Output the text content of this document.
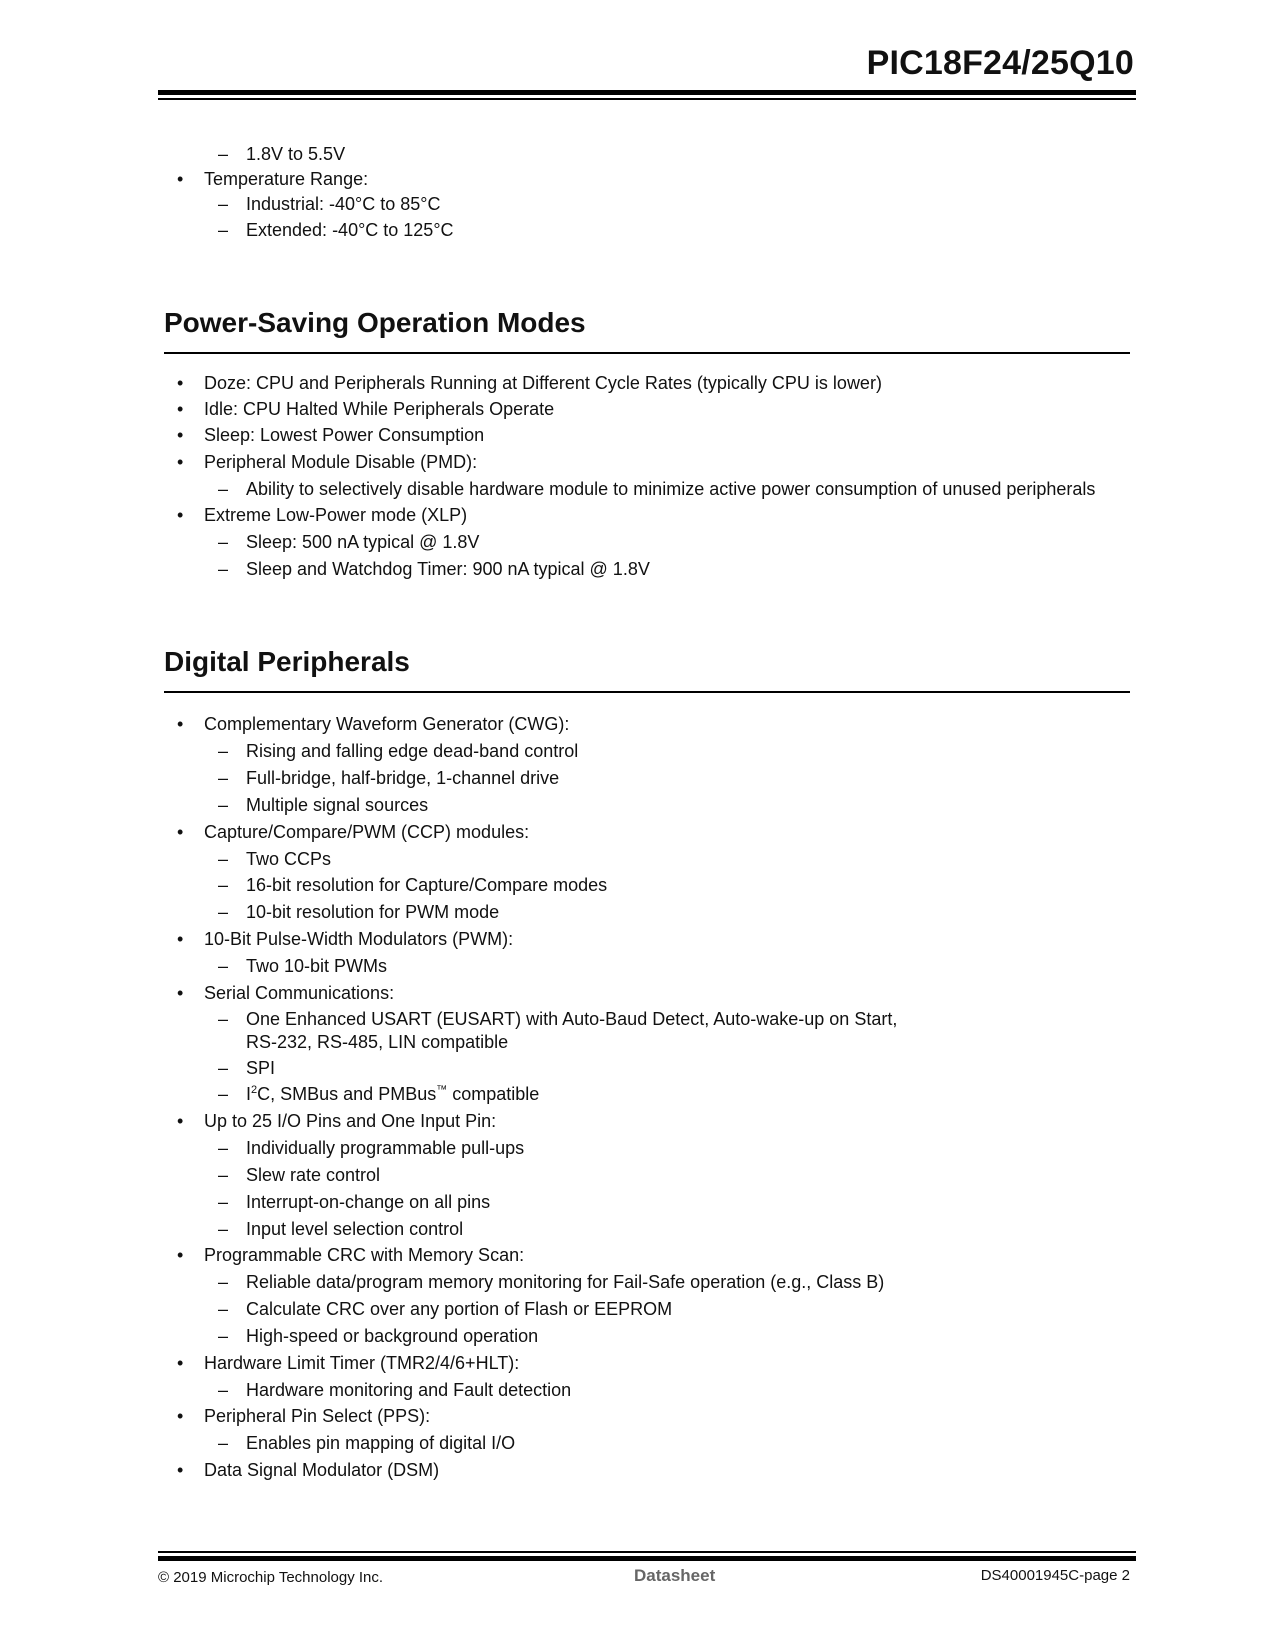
PIC18F24/25Q10
– 1.8V to 5.5V
• Temperature Range:
– Industrial: -40°C to 85°C
– Extended: -40°C to 125°C
Power-Saving Operation Modes
• Doze: CPU and Peripherals Running at Different Cycle Rates (typically CPU is lower)
• Idle: CPU Halted While Peripherals Operate
• Sleep: Lowest Power Consumption
• Peripheral Module Disable (PMD):
– Ability to selectively disable hardware module to minimize active power consumption of unused peripherals
• Extreme Low-Power mode (XLP)
– Sleep: 500 nA typical @ 1.8V
– Sleep and Watchdog Timer: 900 nA typical @ 1.8V
Digital Peripherals
• Complementary Waveform Generator (CWG):
– Rising and falling edge dead-band control
– Full-bridge, half-bridge, 1-channel drive
– Multiple signal sources
• Capture/Compare/PWM (CCP) modules:
– Two CCPs
– 16-bit resolution for Capture/Compare modes
– 10-bit resolution for PWM mode
• 10-Bit Pulse-Width Modulators (PWM):
– Two 10-bit PWMs
• Serial Communications:
– One Enhanced USART (EUSART) with Auto-Baud Detect, Auto-wake-up on Start,
RS-232, RS-485, LIN compatible
– SPI
– $I^2C$, SMBus and PMBus™ compatible
• Up to 25 I/O Pins and One Input Pin:
– Individually programmable pull-ups
– Slew rate control
– Interrupt-on-change on all pins
– Input level selection control
• Programmable CRC with Memory Scan:
– Reliable data/program memory monitoring for Fail-Safe operation (e.g., Class B)
– Calculate CRC over any portion of Flash or EEPROM
– High-speed or background operation
• Hardware Limit Timer (TMR2/4/6+HLT):
– Hardware monitoring and Fault detection
• Peripheral Pin Select (PPS):
– Enables pin mapping of digital I/O
• Data Signal Modulator (DSM)
© 2019 Microchip Technology Inc.	Datasheet	DS40001945C-page 2
